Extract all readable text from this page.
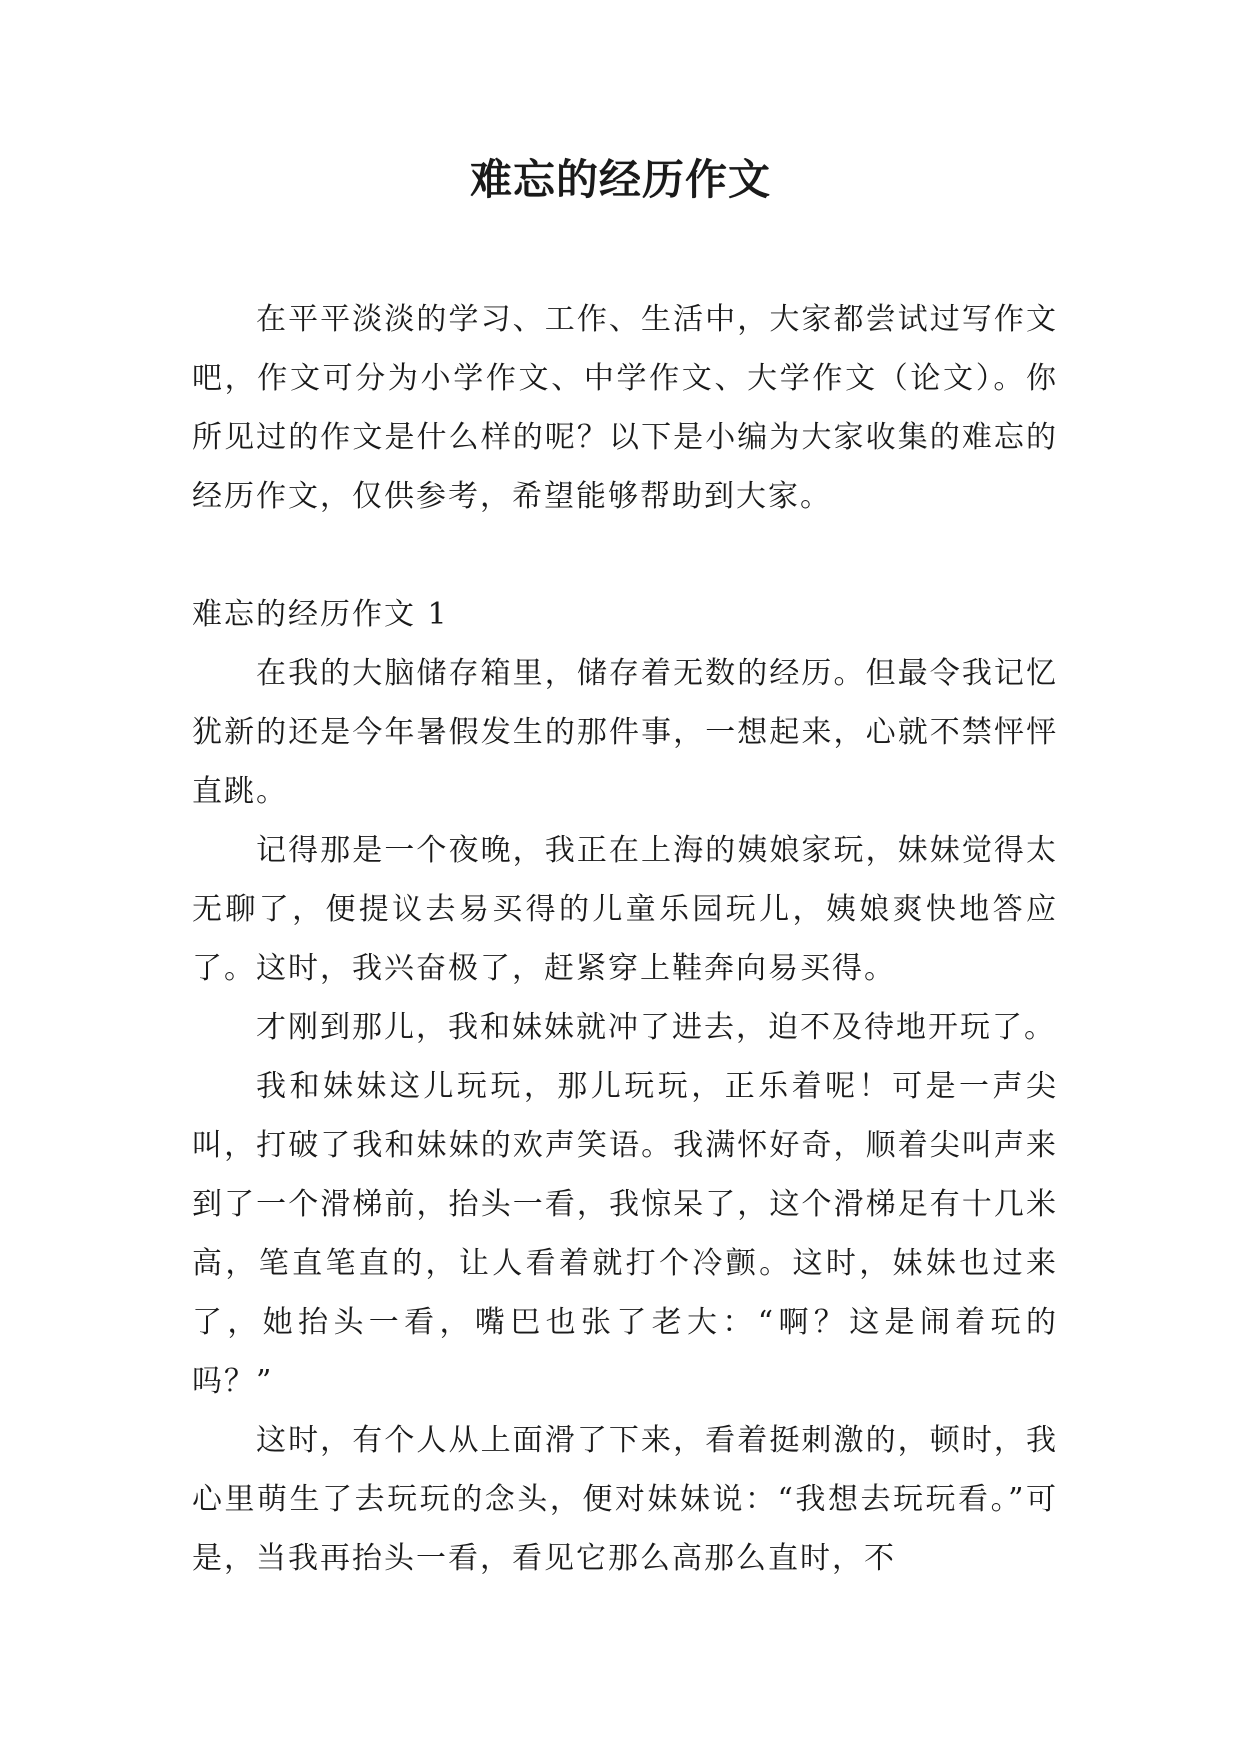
难忘的经历作文

在平平淡淡的学习、工作、生活中，大家都尝试过写作文吧，作文可分为小学作文、中学作文、大学作文（论文）。你所见过的作文是什么样的呢？以下是小编为大家收集的难忘的经历作文，仅供参考，希望能够帮助到大家。

难忘的经历作文 1

在我的大脑储存箱里，储存着无数的经历。但最令我记忆犹新的还是今年暑假发生的那件事，一想起来，心就不禁怦怦直跳。

记得那是一个夜晚，我正在上海的姨娘家玩，妹妹觉得太无聊了，便提议去易买得的儿童乐园玩儿，姨娘爽快地答应了。这时，我兴奋极了，赶紧穿上鞋奔向易买得。

才刚到那儿，我和妹妹就冲了进去，迫不及待地开玩了。

我和妹妹这儿玩玩，那儿玩玩，正乐着呢！可是一声尖叫，打破了我和妹妹的欢声笑语。我满怀好奇，顺着尖叫声来到了一个滑梯前，抬头一看，我惊呆了，这个滑梯足有十几米高，笔直笔直的，让人看着就打个冷颤。这时，妹妹也过来了，她抬头一看，嘴巴也张了老大：“啊？这是闹着玩的吗？”

这时，有个人从上面滑了下来，看着挺刺激的，顿时，我心里萌生了去玩玩的念头，便对妹妹说：“我想去玩玩看。”可是，当我再抬头一看，看见它那么高那么直时，不
